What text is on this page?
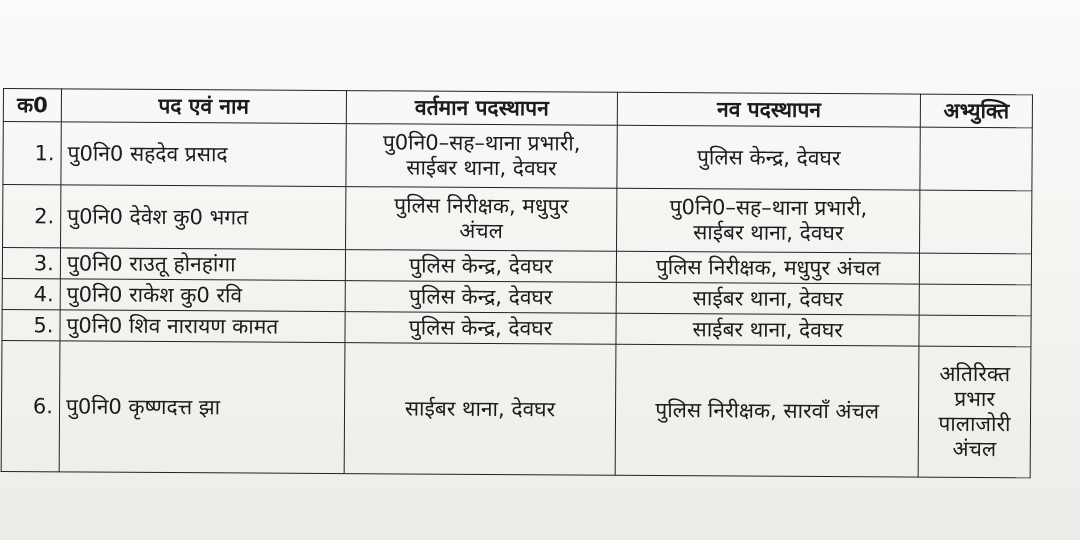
क0	पद एवं नाम	वर्तमान पदस्थापन	नव पदस्थापन	अभ्युक्ति
1.	पु0नि0 सहदेव प्रसाद	पु0नि0–सह–थाना प्रभारी,
साईबर थाना, देवघर	पुलिस केन्द्र, देवघर	

2.	पु0नि0 देवेश कु0 भगत	पुलिस निरीक्षक, मधुपुर
अंचल	पु0नि0–सह–थाना प्रभारी,
साईबर थाना, देवघर	

3.	पु0नि0 राउतू होनहांगा	पुलिस केन्द्र, देवघर	पुलिस निरीक्षक, मधुपुर अंचल	
4.	पु0नि0 राकेश कु0 रवि	पुलिस केन्द्र, देवघर	साईबर थाना, देवघर	
5.	पु0नि0 शिव नारायण कामत	पुलिस केन्द्र, देवघर	साईबर थाना, देवघर	
6.	पु0नि0 कृष्णदत्त झा	साईबर थाना, देवघर	पुलिस निरीक्षक, सारवाँ अंचल	अतिरिक्त
प्रभार
पालाजोरी
अंचल
